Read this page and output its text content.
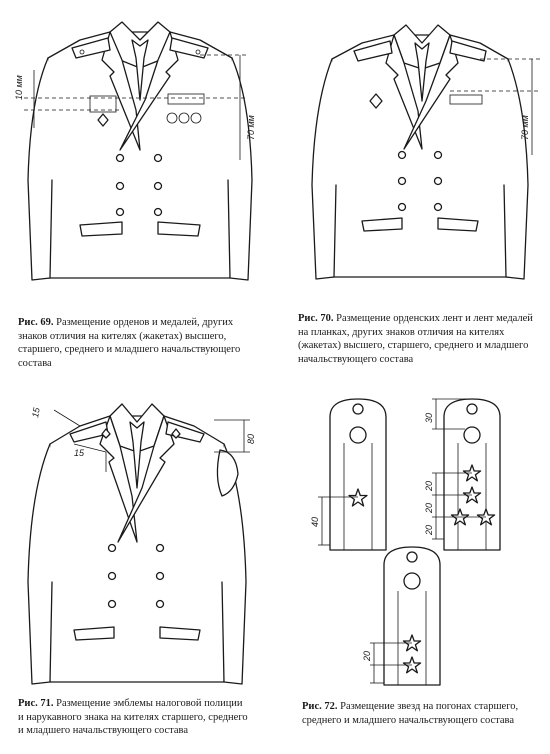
10 мм
70 мм

Рис. 69. Размещение орденов и медалей, других знаков отличия на кителях (жакетах) высшего, старшего, среднего и младшего начальствующего состава

70 мм

Рис. 70. Размещение орденских лент и лент медалей на планках, других знаков отличия на кителях (жакетах) высшего, старшего, среднего и младшего начальствующего состава

15
15
80

Рис. 71. Размещение эмблемы налоговой полиции и нарукавного знака на кителях старшего, среднего и младшего начальствующего состава

40
30
20
20
20
20

Рис. 72. Размещение звезд на погонах старшего, среднего и младшего начальствующего состава
